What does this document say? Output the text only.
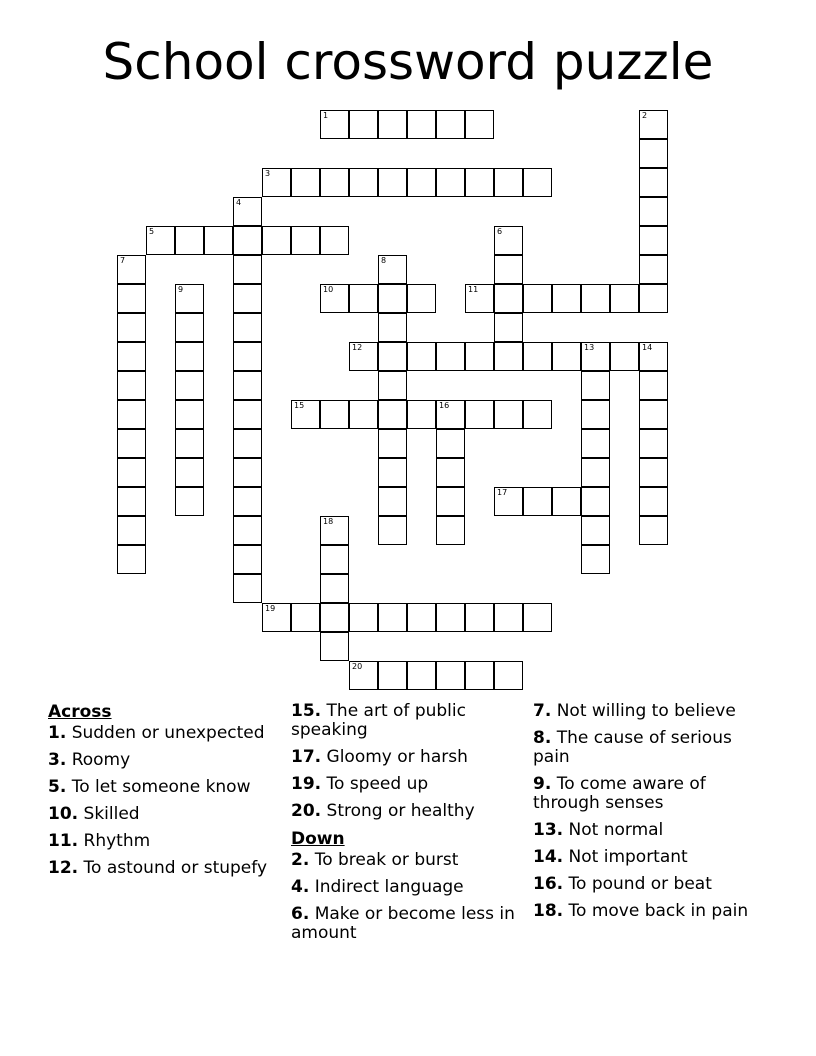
School crossword puzzle
1	2
3
4
5	6
7	8
9	10	11
12	13	14
15	16
17
18
19
20
Across
1. Sudden or unexpected
3. Roomy
5. To let someone know
10. Skilled
11. Rhythm
12. To astound or stupefy
15. The art of public speaking
17. Gloomy or harsh
19. To speed up
20. Strong or healthy
Down
2. To break or burst
4. Indirect language
6. Make or become less in amount
7. Not willing to believe
8. The cause of serious pain
9. To come aware of through senses
13. Not normal
14. Not important
16. To pound or beat
18. To move back in pain
